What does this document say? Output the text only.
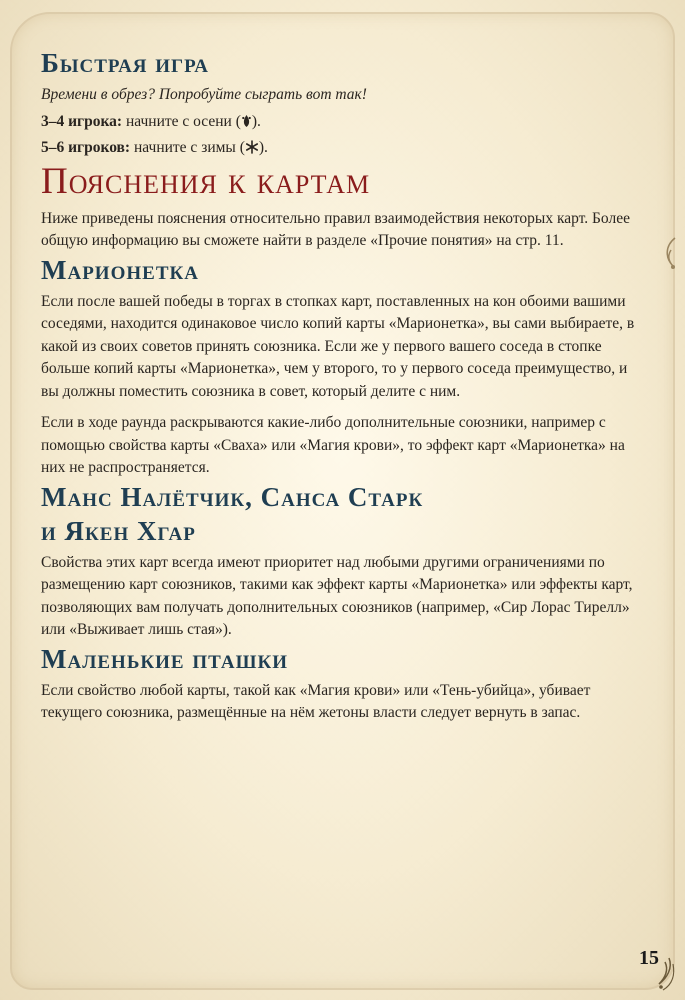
Быстрая игра

Времени в обрез? Попробуйте сыграть вот так!

3–4 игрока: начните с осени ( ).

5–6 игроков: начните с зимы ( ).

Пояснения к картам

Ниже приведены пояснения относительно правил взаимодействия некоторых карт. Более общую информацию вы сможете найти в разделе «Прочие понятия» на стр. 11.

Марионетка

Если после вашей победы в торгах в стопках карт, поставленных на кон обоими вашими соседями, находится одинаковое число копий карты «Марионетка», вы сами выбираете, в какой из своих советов принять союзника. Если же у первого вашего соседа в стопке больше копий карты «Марионетка», чем у второго, то у первого соседа преимущество, и вы должны поместить союзника в совет, который делите с ним.

Если в ходе раунда раскрываются какие-либо дополнительные союзники, например с помощью свойства карты «Сваха» или «Магия крови», то эффект карт «Марионетка» на них не распространяется.

Манс Налётчик, Санса Старк
и Якен Хгар

Свойства этих карт всегда имеют приоритет над любыми другими ограничениями по размещению карт союзников, такими как эффект карты «Марионетка» или эффекты карт, позволяющих вам получать дополнительных союзников (например, «Сир Лорас Тирелл» или «Выживает лишь стая»).

Маленькие пташки

Если свойство любой карты, такой как «Магия крови» или «Тень-убийца», убивает текущего союзника, размещённые на нём жетоны власти следует вернуть в запас.

15
